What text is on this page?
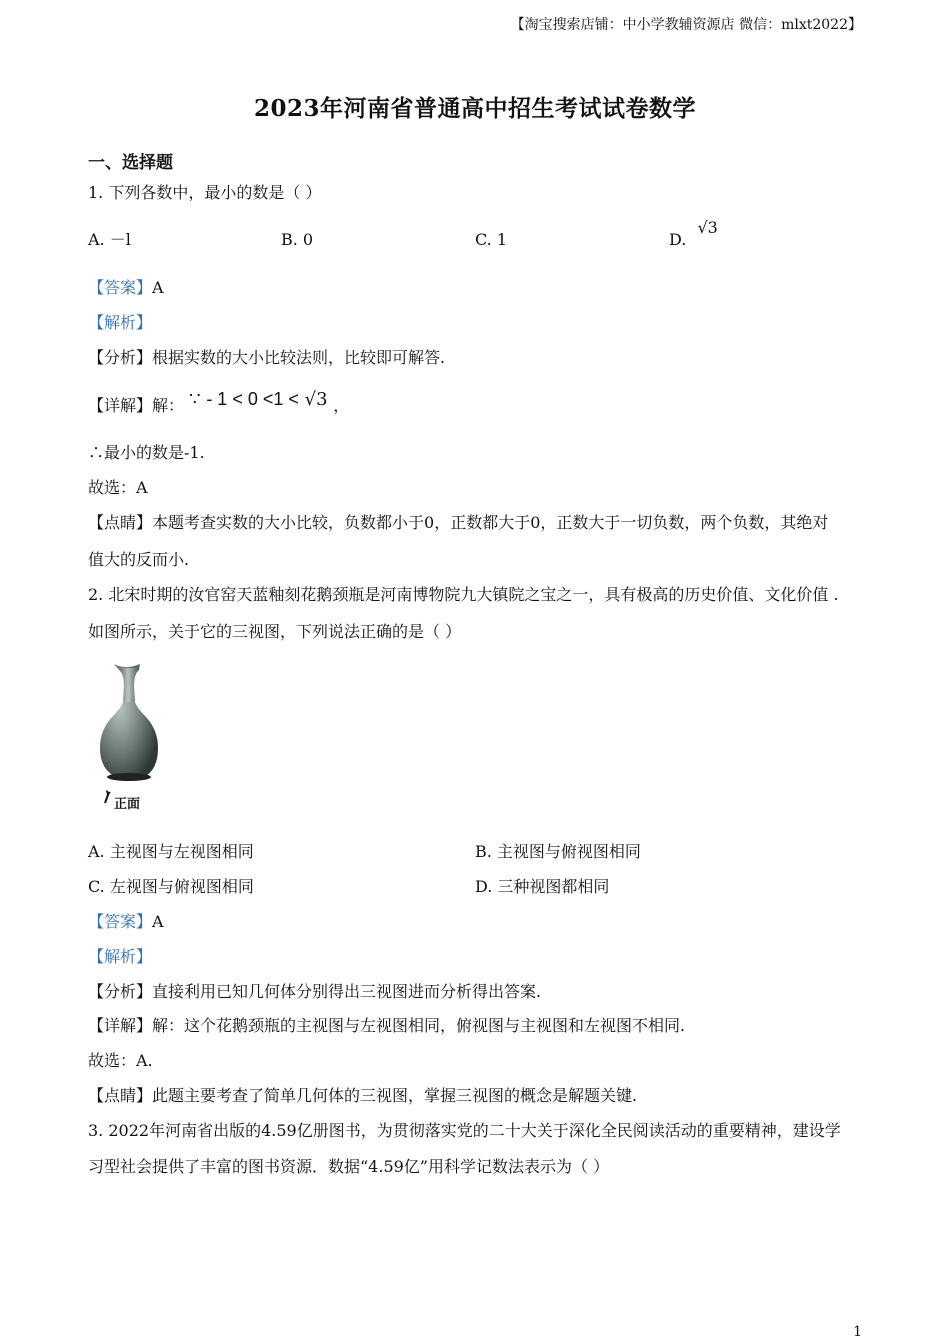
【淘宝搜索店铺：中小学教辅资源店 微信：mlxt2022】
2023年河南省普通高中招生考试试卷数学
一、选择题
1. 下列各数中，最小的数是（ ）
A. －l	B. 0	C. 1	D. √3
【答案】A
【解析】
【分析】根据实数的大小比较法则，比较即可解答.
【详解】解： ∵ - 1 < 0 <1 < √3 ，
∴最小的数是-1.
故选：A
【点睛】本题考查实数的大小比较，负数都小于0，正数都大于0，正数大于一切负数，两个负数，其绝对
值大的反而小.
2. 北宋时期的汝官窑天蓝釉刻花鹅颈瓶是河南博物院九大镇院之宝之一，具有极高的历史价值、文化价值 .
如图所示，关于它的三视图，下列说法正确的是（ ）
正面
A. 主视图与左视图相同	B. 主视图与俯视图相同
C. 左视图与俯视图相同	D. 三种视图都相同
【答案】A
【解析】
【分析】直接利用已知几何体分别得出三视图进而分析得出答案.
【详解】解：这个花鹅颈瓶的主视图与左视图相同，俯视图与主视图和左视图不相同.
故选：A.
【点睛】此题主要考查了简单几何体的三视图，掌握三视图的概念是解题关键.
3. 2022年河南省出版的4.59亿册图书，为贯彻落实党的二十大关于深化全民阅读活动的重要精神，建设学
习型社会提供了丰富的图书资源．数据“4.59亿”用科学记数法表示为（ ）
1
